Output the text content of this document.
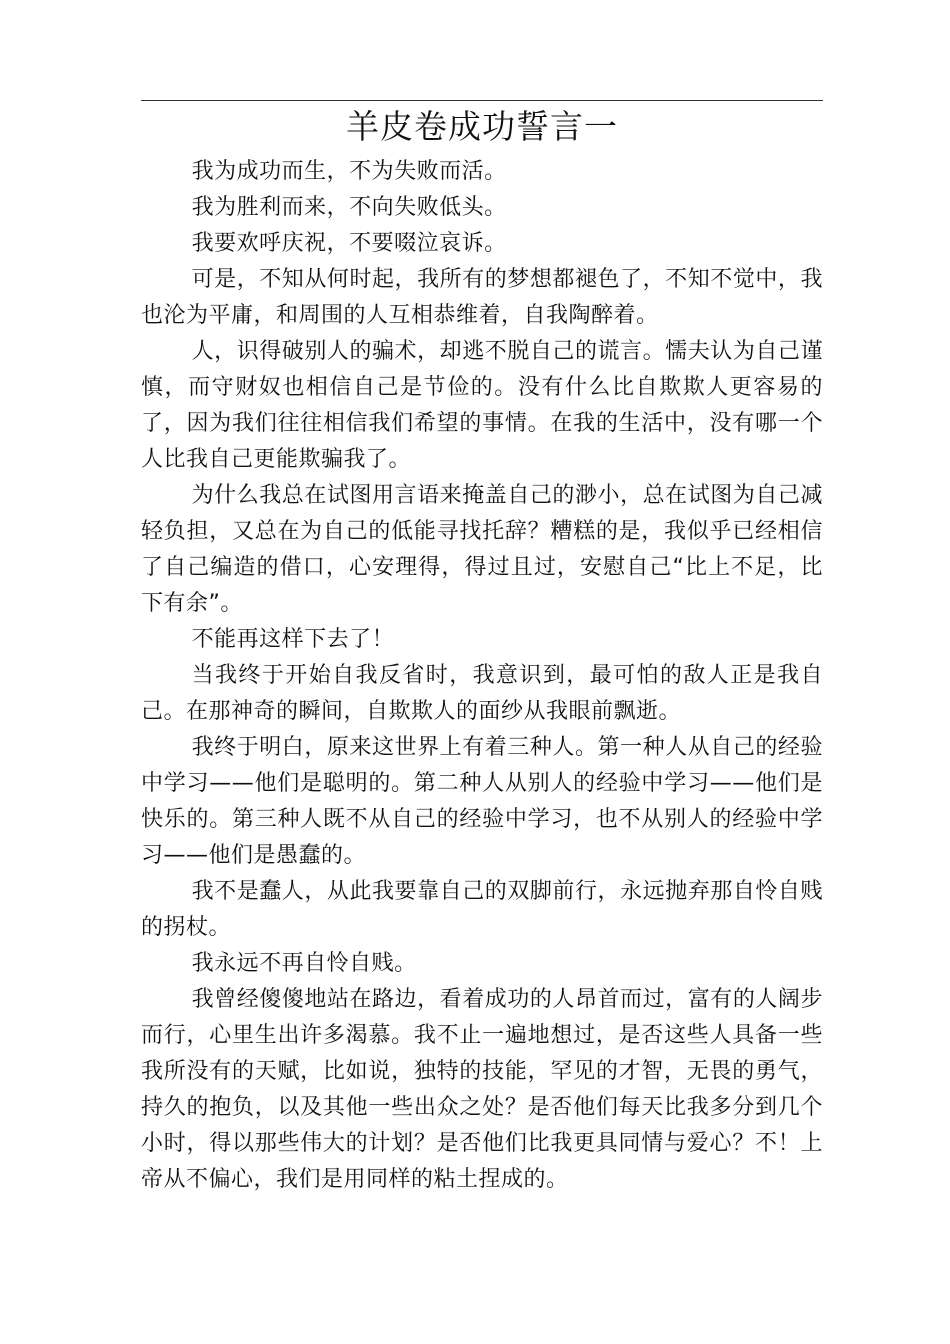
羊皮卷成功誓言一

我为成功而生，不为失败而活。

我为胜利而来，不向失败低头。

我要欢呼庆祝，不要啜泣哀诉。

可是，不知从何时起，我所有的梦想都褪色了，不知不觉中，我也沦为平庸，和周围的人互相恭维着，自我陶醉着。

人，识得破别人的骗术，却逃不脱自己的谎言。懦夫认为自己谨慎，而守财奴也相信自己是节俭的。没有什么比自欺欺人更容易的了，因为我们往往相信我们希望的事情。在我的生活中，没有哪一个人比我自己更能欺骗我了。

为什么我总在试图用言语来掩盖自己的渺小，总在试图为自己减轻负担，又总在为自己的低能寻找托辞？糟糕的是，我似乎已经相信了自己编造的借口，心安理得，得过且过，安慰自己“比上不足，比下有余”。

不能再这样下去了！

当我终于开始自我反省时，我意识到，最可怕的敌人正是我自己。在那神奇的瞬间，自欺欺人的面纱从我眼前飘逝。

我终于明白，原来这世界上有着三种人。第一种人从自己的经验中学习——他们是聪明的。第二种人从别人的经验中学习——他们是快乐的。第三种人既不从自己的经验中学习，也不从别人的经验中学习——他们是愚蠢的。

我不是蠢人，从此我要靠自己的双脚前行，永远抛弃那自怜自贱的拐杖。

我永远不再自怜自贱。

我曾经傻傻地站在路边，看着成功的人昂首而过，富有的人阔步而行，心里生出许多渴慕。我不止一遍地想过，是否这些人具备一些我所没有的天赋，比如说，独特的技能，罕见的才智，无畏的勇气，持久的抱负，以及其他一些出众之处？是否他们每天比我多分到几个小时，得以那些伟大的计划？是否他们比我更具同情与爱心？不！上帝从不偏心，我们是用同样的粘土捏成的。
